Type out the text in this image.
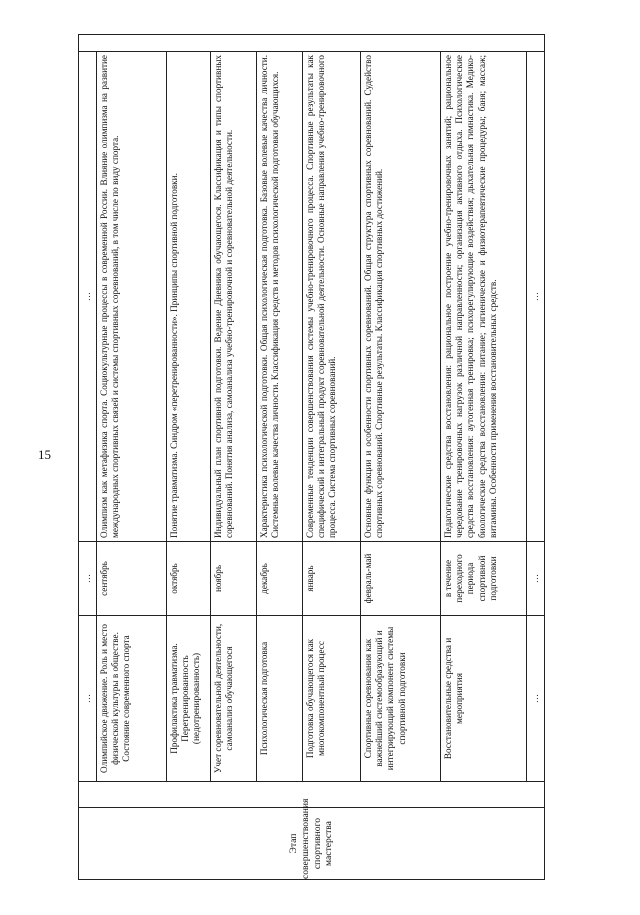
15
Этап совершенствования спортивного мастерства		…	…	…	
		Олимпийское движение. Роль и место физической культуры в обществе. Состояние современного спорта	сентябрь	Олимпизм как метафизика спорта. Социокультурные процессы в современной России. Влияние олимпизма на развитие международных спортивных связей и системы спортивных соревнований, в том числе по виду спорта.	
		Профилактика травматизма. Перетренированность (недотренированность)	октябрь	Понятие травматизма. Синдром «перетренированности». Принципы спортивной подготовки.	
		Учет соревновательной деятельности, самоанализ обучающегося	ноябрь	Индивидуальный план спортивной подготовки. Ведение Дневника обучающегося. Классификация и типы спортивных соревнований. Понятия анализа, самоанализа учебно-тренировочной и соревновательной деятельности.	
		Психологическая подготовка	декабрь	Характеристика психологической подготовки. Общая психологическая подготовка. Базовые волевые качества личности. Системные волевые качества личности. Классификация средств и методов психологической подготовки обучающихся.	
		Подготовка обучающегося как многокомпонентный процесс	январь	Современные тенденции совершенствования системы учебно-тренировочного процесса. Спортивные результаты как специфический и интегральный продукт соревновательной деятельности. Основные направления учебно-тренировочного процесса. Система спортивных соревнований.	
		Спортивные соревнования как важнейший системообразующий и интегрирующий компонент системы спортивной подготовки	февраль-май	Основные функции и особенности спортивных соревнований. Общая структура спортивных соревнований. Судейство спортивных соревнований. Спортивные результаты. Классификация спортивных достижений.	
		Восстановительные средства и мероприятия	в течение переходного периода спортивной подготовки	Педагогические средства восстановления: рациональное построение учебно-тренировочных занятий; рациональное чередование тренировочных нагрузок различной направленности; организация активного отдыха. Психологические средства восстановления: аутогенная тренировка; психорегулирующие воздействия; дыхательная гимнастика. Медико-биологические средства восстановления: питание; гигиенические и физиотерапевтические процедуры; баня; массаж; витамины. Особенности применения восстановительных средств.	
		…	…	…	
